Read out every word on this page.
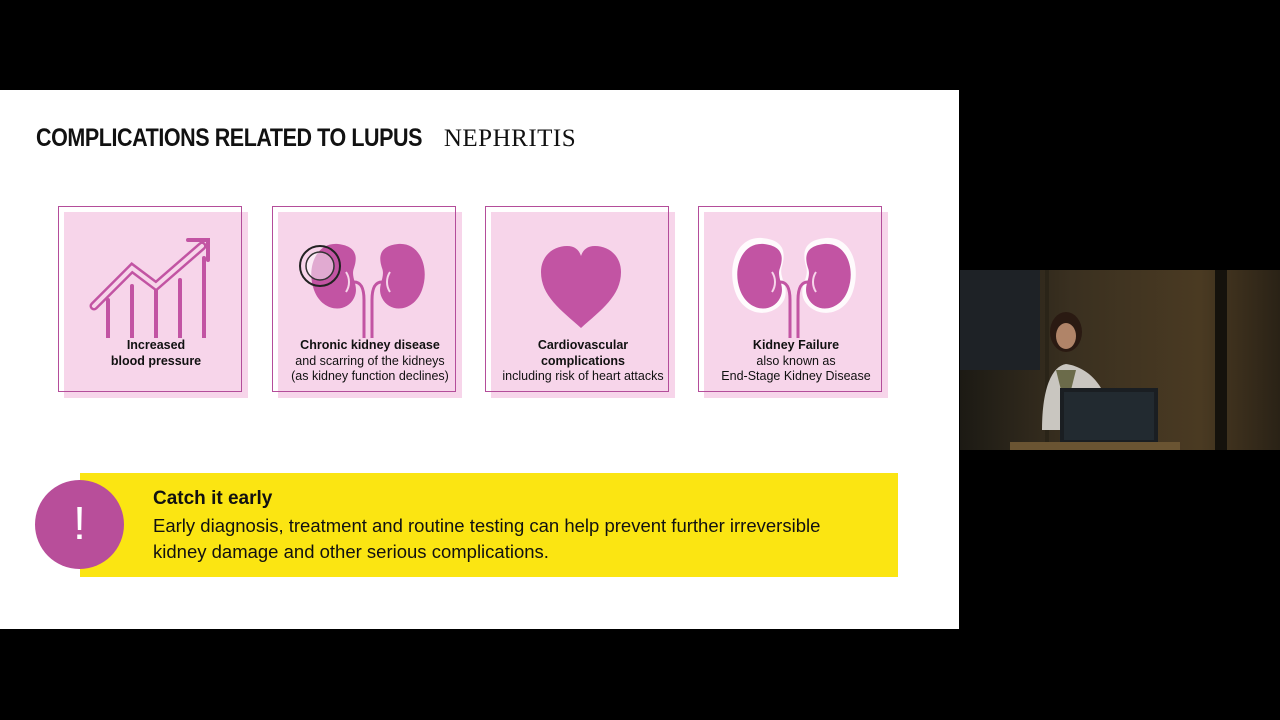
COMPLICATIONS RELATED TO LUPUS NEPHRITIS
Increased
blood pressure
Chronic kidney disease
and scarring of the kidneys
(as kidney function declines)
Cardiovascular
complications
including risk of heart attacks
Kidney Failure
also known as
End-Stage Kidney Disease
!	Catch it early
Early diagnosis, treatment and routine testing can help prevent further irreversible
kidney damage and other serious complications.
